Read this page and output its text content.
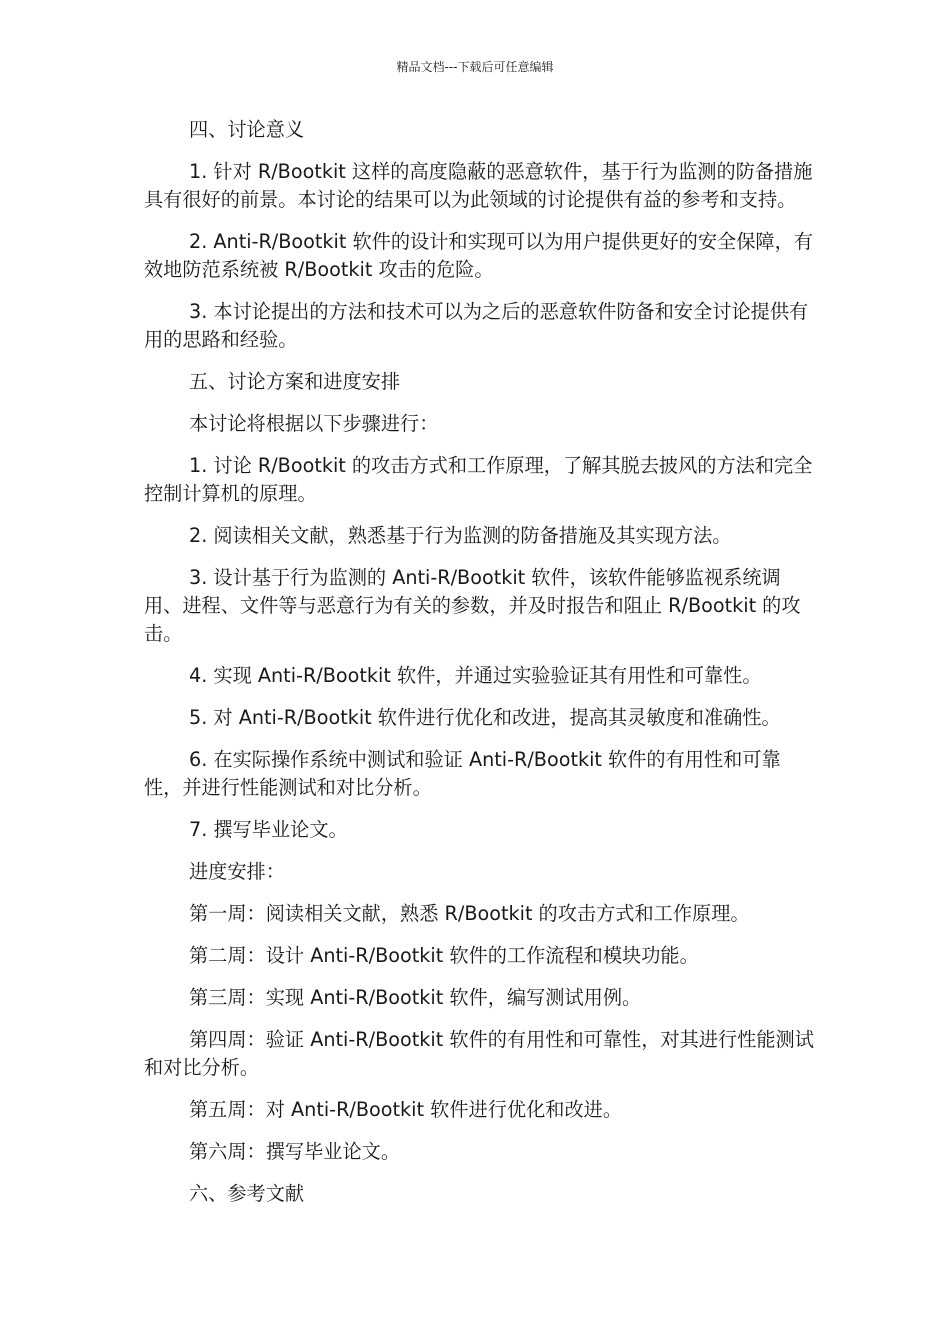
精品文档---下载后可任意编辑

四、讨论意义

1. 针对 R/Bootkit 这样的高度隐蔽的恶意软件，基于行为监测的防备措施具有很好的前景。本讨论的结果可以为此领域的讨论提供有益的参考和支持。

2. Anti-R/Bootkit 软件的设计和实现可以为用户提供更好的安全保障，有效地防范系统被 R/Bootkit 攻击的危险。

3. 本讨论提出的方法和技术可以为之后的恶意软件防备和安全讨论提供有用的思路和经验。

五、讨论方案和进度安排

本讨论将根据以下步骤进行：

1. 讨论 R/Bootkit 的攻击方式和工作原理，了解其脱去披风的方法和完全控制计算机的原理。

2. 阅读相关文献，熟悉基于行为监测的防备措施及其实现方法。

3. 设计基于行为监测的 Anti-R/Bootkit 软件，该软件能够监视系统调用、进程、文件等与恶意行为有关的参数，并及时报告和阻止 R/Bootkit 的攻击。

4. 实现 Anti-R/Bootkit 软件，并通过实验验证其有用性和可靠性。

5. 对 Anti-R/Bootkit 软件进行优化和改进，提高其灵敏度和准确性。

6. 在实际操作系统中测试和验证 Anti-R/Bootkit 软件的有用性和可靠性，并进行性能测试和对比分析。

7. 撰写毕业论文。

进度安排：

第一周：阅读相关文献，熟悉 R/Bootkit 的攻击方式和工作原理。

第二周：设计 Anti-R/Bootkit 软件的工作流程和模块功能。

第三周：实现 Anti-R/Bootkit 软件，编写测试用例。

第四周：验证 Anti-R/Bootkit 软件的有用性和可靠性，对其进行性能测试和对比分析。

第五周：对 Anti-R/Bootkit 软件进行优化和改进。

第六周：撰写毕业论文。

六、参考文献
